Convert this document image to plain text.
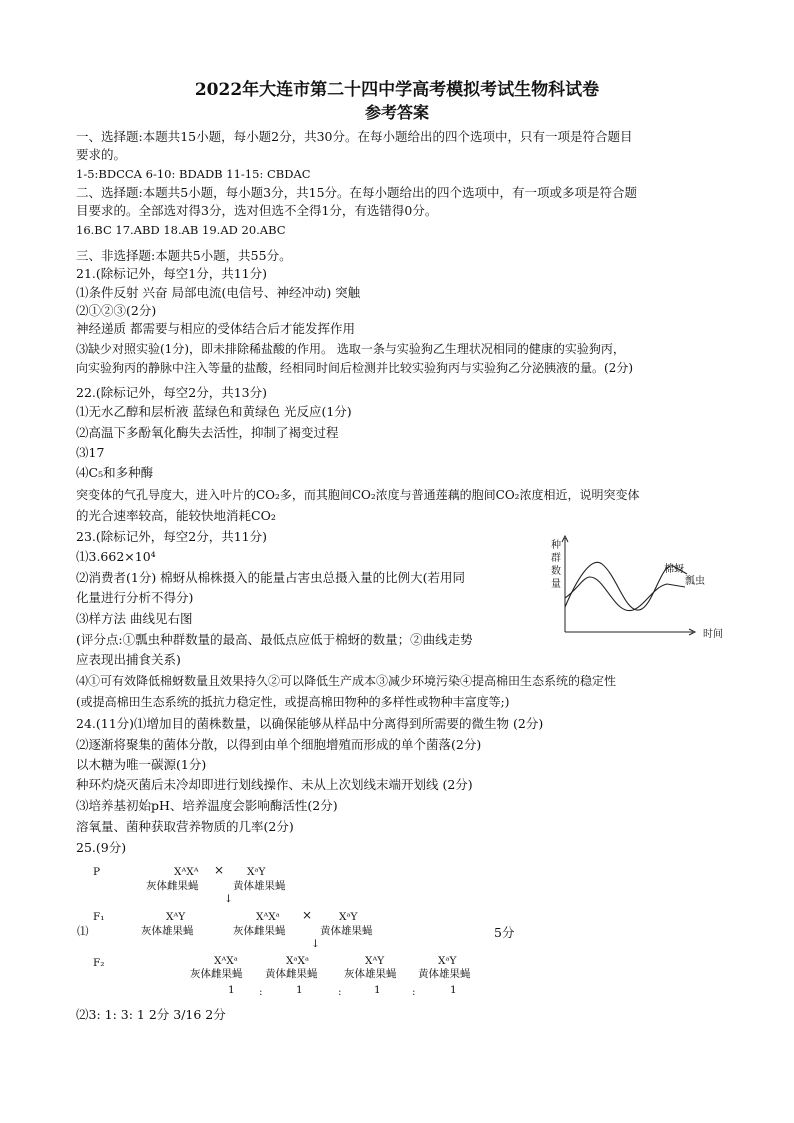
2022年大连市第二十四中学高考模拟考试生物科试卷
参考答案
一、选择题:本题共15小题，每小题2分，共30分。在每小题给出的四个选项中，只有一项是符合题目
要求的。
1-5:BDCCA 6-10: BDADB 11-15: CBDAC
二、选择题:本题共5小题，每小题3分，共15分。在每小题给出的四个选项中，有一项或多项是符合题
目要求的。全部选对得3分，选对但选不全得1分，有选错得0分。
16.BC 17.ABD 18.AB 19.AD 20.ABC
三、非选择题:本题共5小题，共55分。
21.(除标记外，每空1分，共11分)
⑴条件反射 兴奋 局部电流(电信号、神经冲动) 突触
⑵①②③(2分)
神经递质 都需要与相应的受体结合后才能发挥作用
⑶缺少对照实验(1分)，即未排除稀盐酸的作用。 选取一条与实验狗乙生理状况相同的健康的实验狗丙，
向实验狗丙的静脉中注入等量的盐酸，经相同时间后检测并比较实验狗丙与实验狗乙分泌胰液的量。(2分)
22.(除标记外，每空2分，共13分)
⑴无水乙醇和层析液 蓝绿色和黄绿色 光反应(1分)
⑵高温下多酚氧化酶失去活性，抑制了褐变过程
⑶17
⑷C₅和多种酶
突变体的气孔导度大，进入叶片的CO₂多，而其胞间CO₂浓度与普通莲藕的胞间CO₂浓度相近，说明突变体
的光合速率较高，能较快地消耗CO₂
23.(除标记外，每空2分，共11分)
⑴3.662×10⁴
⑵消费者(1分) 棉蚜从棉株摄入的能量占害虫总摄入量的比例大(若用同
化量进行分析不得分)
⑶样方法 曲线见右图
(评分点:①瓢虫种群数量的最高、最低点应低于棉蚜的数量；②曲线走势
应表现出捕食关系)
⑷①可有效降低棉蚜数量且效果持久②可以降低生产成本③减少环境污染④提高棉田生态系统的稳定性
(或提高棉田生态系统的抵抗力稳定性，或提高棉田物种的多样性或物种丰富度等;)
种
群
数
量
时间
棉蚜
瓢虫
24.(11分)⑴增加目的菌株数量，以确保能够从样品中分离得到所需要的微生物 (2分)
⑵逐渐将聚集的菌体分散，以得到由单个细胞增殖而形成的单个菌落(2分)
以木糖为唯一碳源(1分)
种环灼烧灭菌后未冷却即进行划线操作、未从上次划线末端开划线 (2分)
⑶培养基初始pH、培养温度会影响酶活性(2分)
溶氧量、菌种获取营养物质的几率(2分)
25.(9分)
P	XᴬXᴬ × XᵃY
灰体雌果蝇	黄体雄果蝇
↓
⑴
F₁	XᴬY	XᴬXᵃ ×	XᵃY
灰体雄果蝇	灰体雌果蝇	黄体雄果蝇	5分
↓
F₂	XᴬXᵃ	XᵃXᵃ	XᴬY	XᵃY
灰体雌果蝇 黄体雌果蝇	灰体雄果蝇 黄体雄果蝇
1 :	1	:	1	:	1
⑵3: 1: 3: 1 2分 3/16 2分
